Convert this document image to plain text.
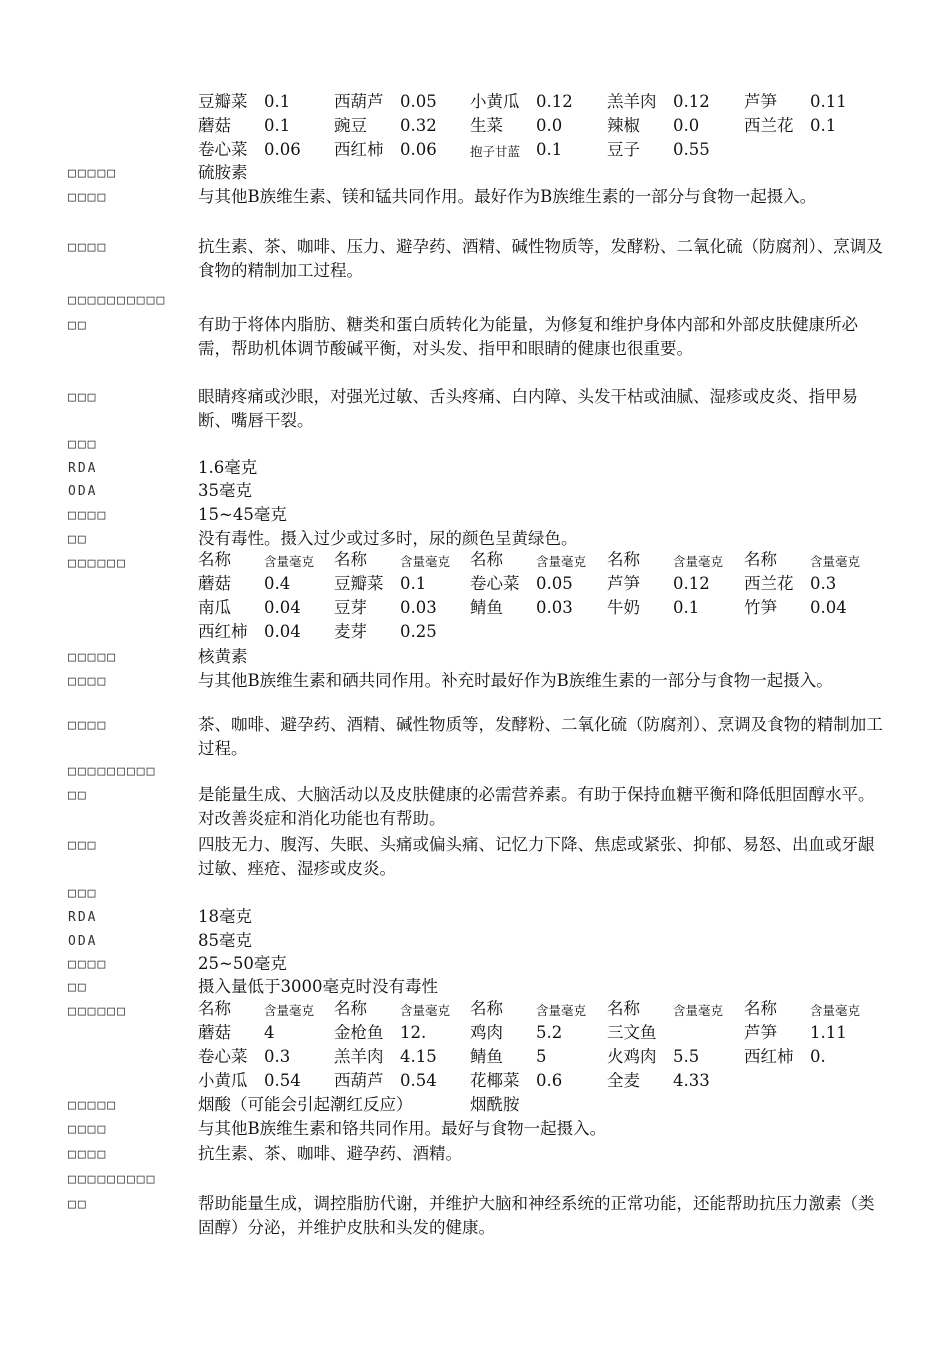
豆瓣菜 0.1	西葫芦 0.05 小黄瓜 0.12 羔羊肉 0.12 芦笋 0.11
蘑菇 0.1	豌豆 0.32 生菜 0.0	辣椒 0.0	西兰花 0.1
卷心菜 0.06 西红柿 0.06	抱子甘蓝 0.1	豆子 0.55
□□□□□	硫胺素
□□□□	与其他B族维生素、镁和锰共同作用。最好作为B族维生素的一部分与食物一起摄入。
□□□□	抗生素、茶、咖啡、压力、避孕药、酒精、碱性物质等，发酵粉、二氧化硫（防腐剂）、烹调及食物的精制加工过程。
□□□□□□□□□□
□□	有助于将体内脂肪、糖类和蛋白质转化为能量，为修复和维护身体内部和外部皮肤健康所必需，帮助机体调节酸碱平衡，对头发、指甲和眼睛的健康也很重要。
□□□	眼睛疼痛或沙眼，对强光过敏、舌头疼痛、白内障、头发干枯或油腻、湿疹或皮炎、指甲易断、嘴唇干裂。
□□□
RDA	1.6毫克
ODA	35毫克
□□□□	15~45毫克
□□	没有毒性。摄入过少或过多时，尿的颜色呈黄绿色。
□□□□□□	名称	含量毫克 名称	含量毫克 名称	含量毫克 名称	含量毫克 名称	含量毫克
蘑菇 0.4	豆瓣菜 0.1	卷心菜 0.05 芦笋 0.12 西兰花 0.3
南瓜 0.04 豆芽 0.03 鲭鱼 0.03 牛奶 0.1	竹笋 0.04
西红柿 0.04 麦芽 0.25
□□□□□	核黄素
□□□□	与其他B族维生素和硒共同作用。补充时最好作为B族维生素的一部分与食物一起摄入。
□□□□	茶、咖啡、避孕药、酒精、碱性物质等，发酵粉、二氧化硫（防腐剂）、烹调及食物的精制加工过程。
□□□□□□□□□
□□	是能量生成、大脑活动以及皮肤健康的必需营养素。有助于保持血糖平衡和降低胆固醇水平。对改善炎症和消化功能也有帮助。
□□□	四肢无力、腹泻、失眠、头痛或偏头痛、记忆力下降、焦虑或紧张、抑郁、易怒、出血或牙龈过敏、痤疮、湿疹或皮炎。
□□□
RDA	18毫克
ODA	85毫克
□□□□	25~50毫克
□□	摄入量低于3000毫克时没有毒性
□□□□□□	名称	含量毫克 名称	含量毫克 名称	含量毫克 名称	含量毫克 名称	含量毫克
蘑菇 4	金枪鱼 12.	鸡肉 5.2	三文鱼	芦笋 1.11
卷心菜 0.3	羔羊肉 4.15 鲭鱼 5	火鸡肉 5.5	西红柿 0.
小黄瓜 0.54 西葫芦 0.54 花椰菜 0.6	全麦 4.33
□□□□□	烟酸（可能会引起潮红反应）	烟酰胺
□□□□	与其他B族维生素和铬共同作用。最好与食物一起摄入。
□□□□	抗生素、茶、咖啡、避孕药、酒精。
□□□□□□□□□
□□	帮助能量生成，调控脂肪代谢，并维护大脑和神经系统的正常功能，还能帮助抗压力激素（类固醇）分泌，并维护皮肤和头发的健康。
